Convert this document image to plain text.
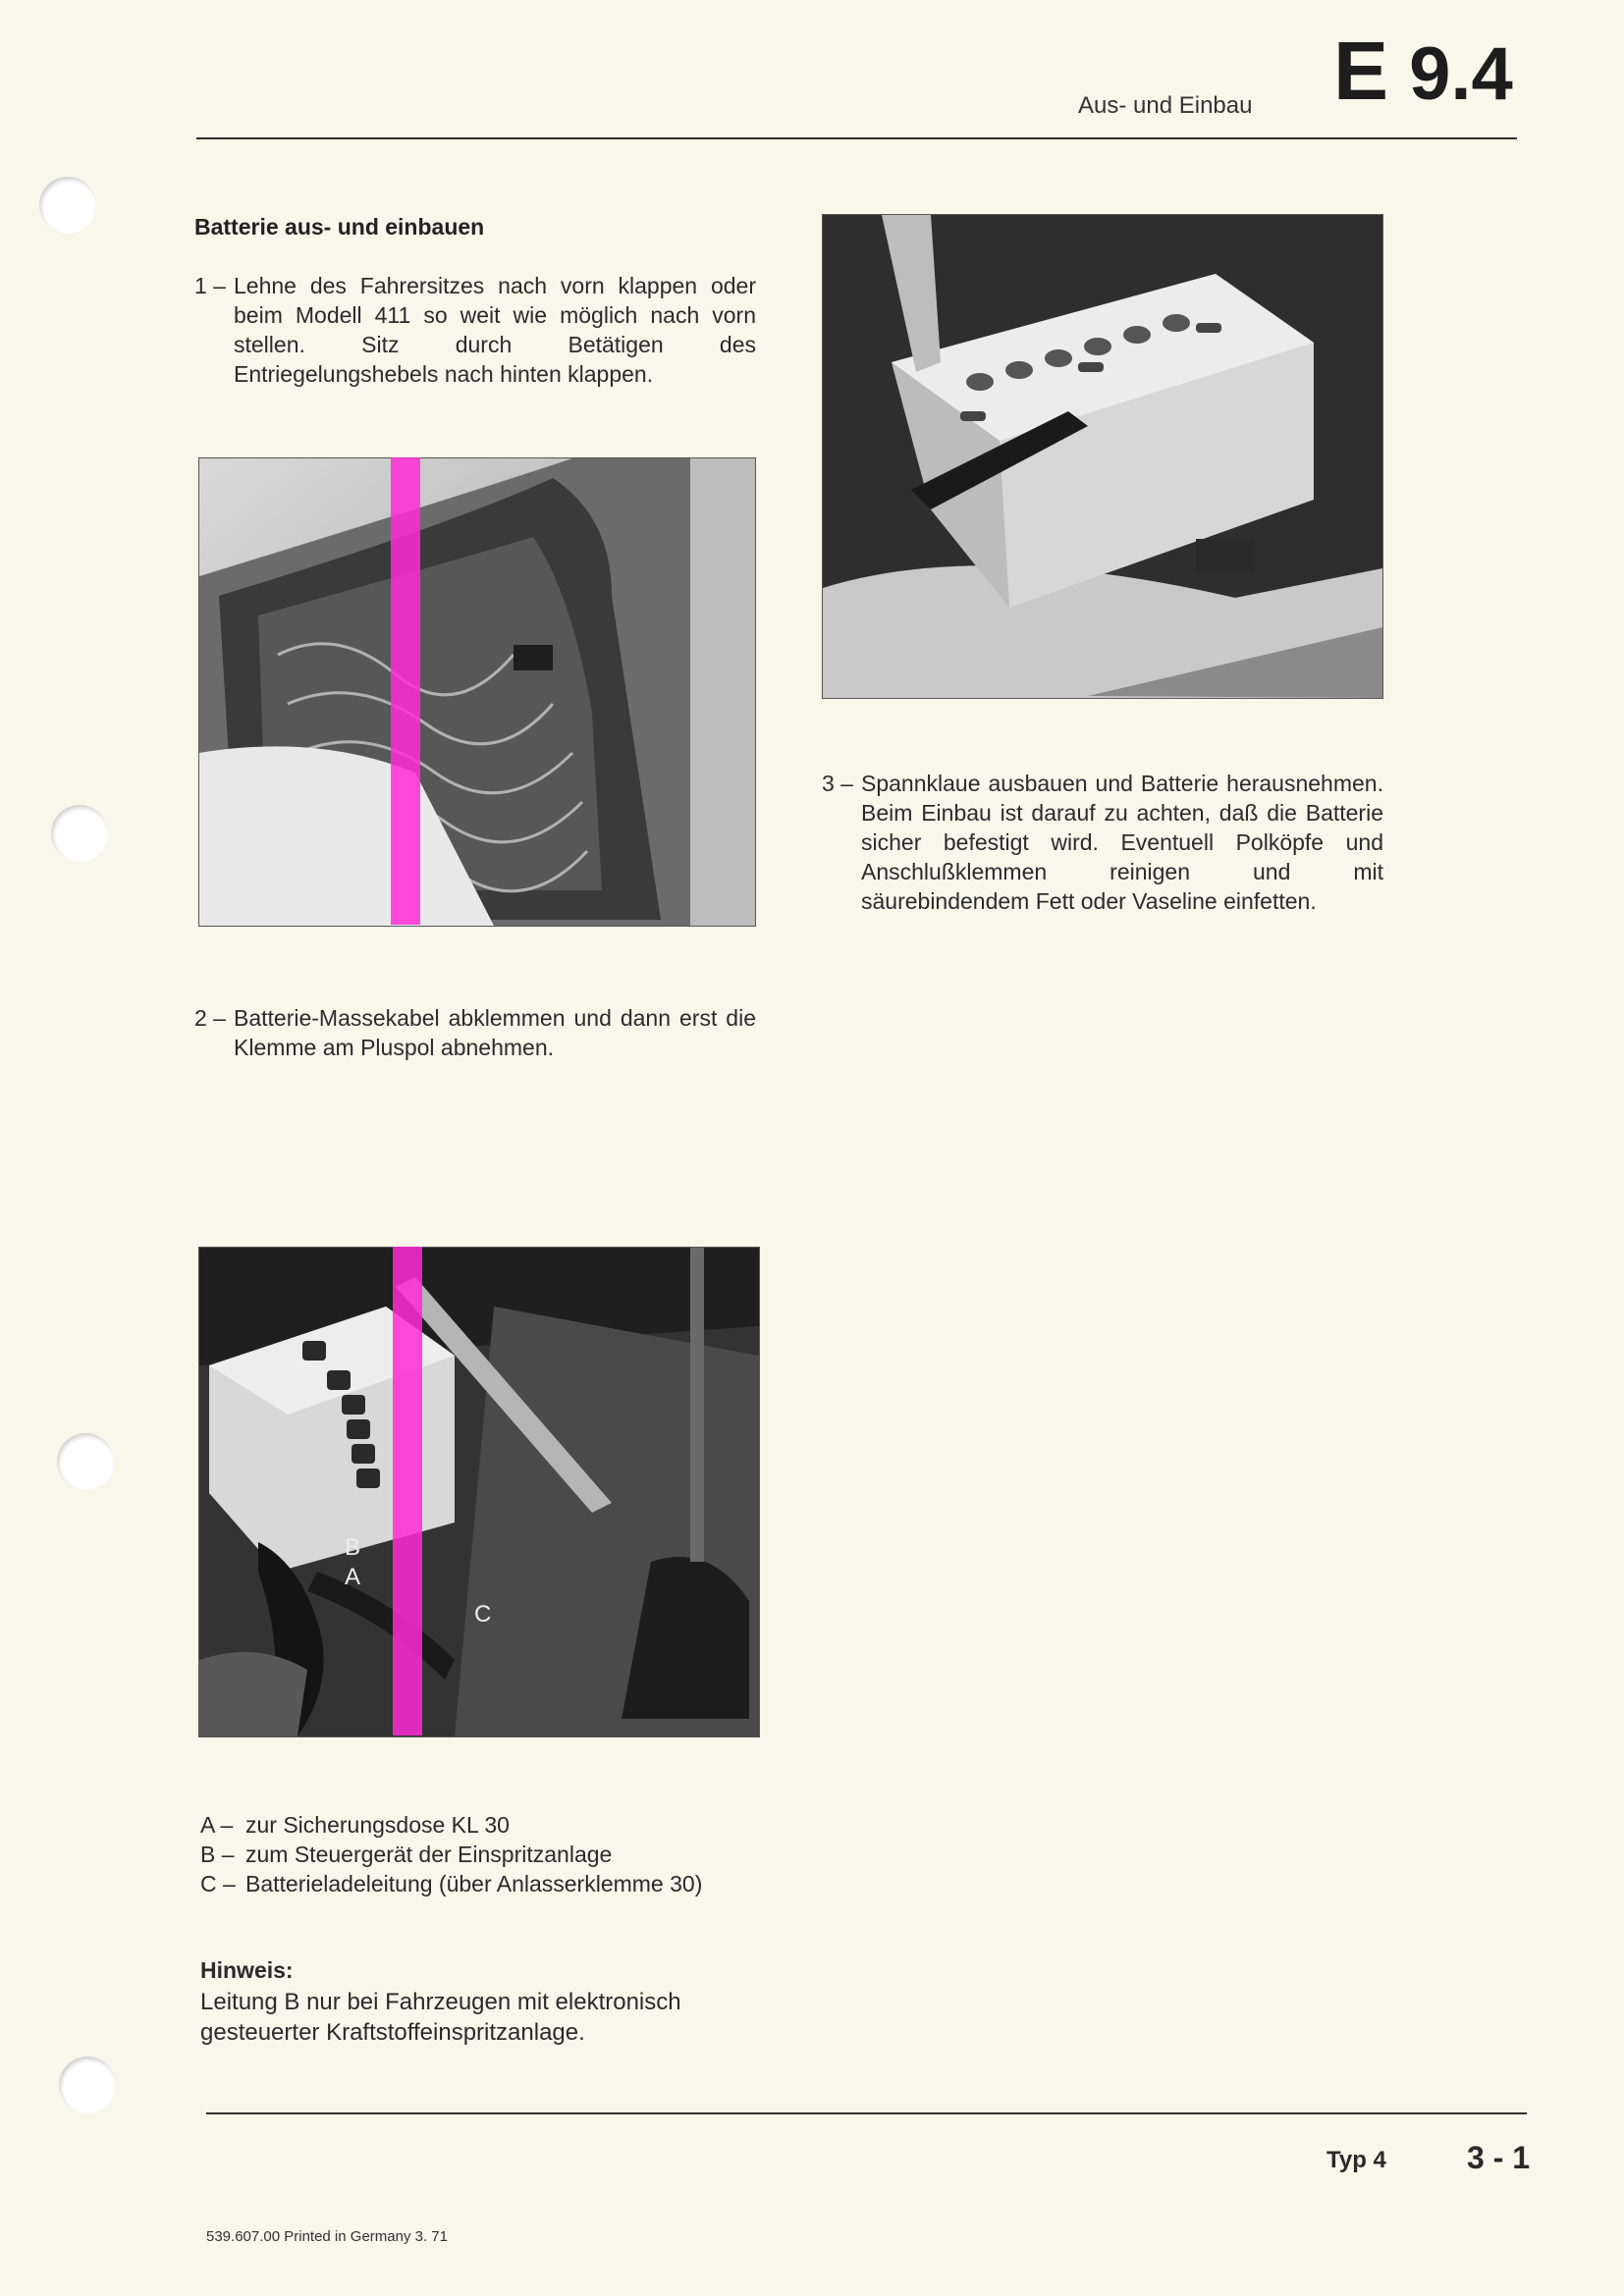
Aus- und Einbau E 9.4
Batterie aus- und einbauen
1 – Lehne des Fahrersitzes nach vorn klappen oder beim Modell 411 so weit wie möglich nach vorn stellen. Sitz durch Betätigen des Entriegelungshebels nach hinten klappen.
2 – Batterie-Massekabel abklemmen und dann erst die Klemme am Pluspol abnehmen.
3 – Spannklaue ausbauen und Batterie herausnehmen. Beim Einbau ist darauf zu achten, daß die Batterie sicher befestigt wird. Eventuell Polköpfe und Anschlußklemmen reinigen und mit säurebindendem Fett oder Vaseline einfetten.
B
A
C
A – zur Sicherungsdose KL 30
B – zum Steuergerät der Einspritzanlage
C – Batterieladeleitung (über Anlasserklemme 30)
Hinweis:
Leitung B nur bei Fahrzeugen mit elektronisch gesteuerter Kraftstoffeinspritzanlage.
Typ 4	3 - 1
539.607.00 Printed in Germany 3. 71
